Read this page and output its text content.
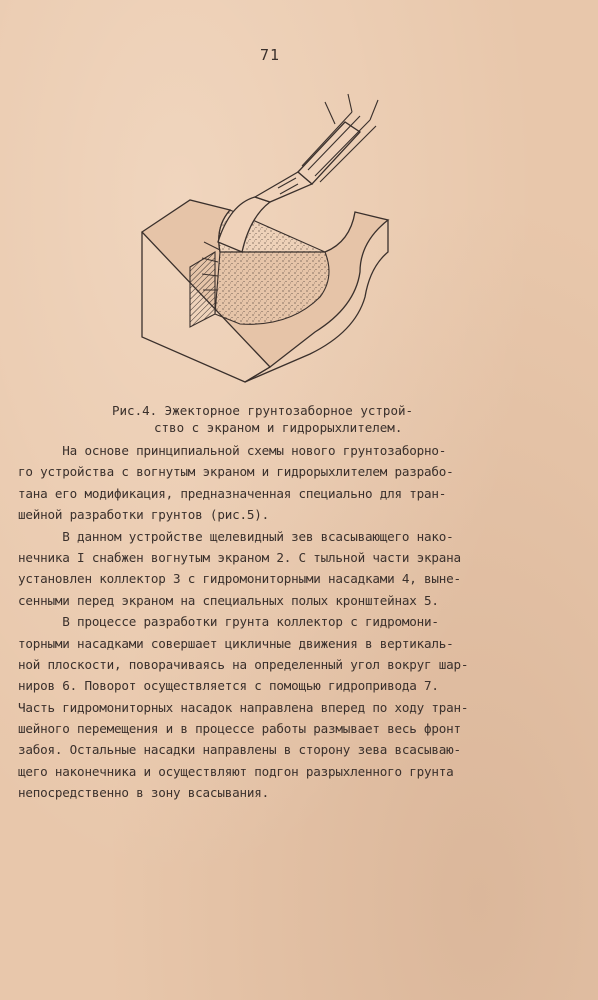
71
Рис.4. Эжекторное грунтозаборное устрой-
ство с экраном и гидрорыхлителем.
На основе принципиальной схемы нового грунтозаборно-
го устройства с вогнутым экраном и гидрорыхлителем разрабо-
тана его модификация, предназначенная специально для тран-
шейной разработки грунтов (рис.5).
В данном устройстве щелевидный зев всасывающего нако-
нечника I снабжен вогнутым экраном 2. С тыльной части экрана
установлен коллектор 3 с гидромониторными насадками 4, выне-
сенными перед экраном на специальных полых кронштейнах 5.
В процессе разработки грунта коллектор с гидромони-
торными насадками совершает цикличные движения в вертикаль-
ной плоскости, поворачиваясь на определенный угол вокруг шар-
ниров 6. Поворот осуществляется с помощью гидропривода 7.
Часть гидромониторных насадок направлена вперед по ходу тран-
шейного перемещения и в процессе работы размывает весь фронт
забоя. Остальные насадки направлены в сторону зева всасываю-
щего наконечника и осуществляют подгон разрыхленного грунта
непосредственно в зону всасывания.
